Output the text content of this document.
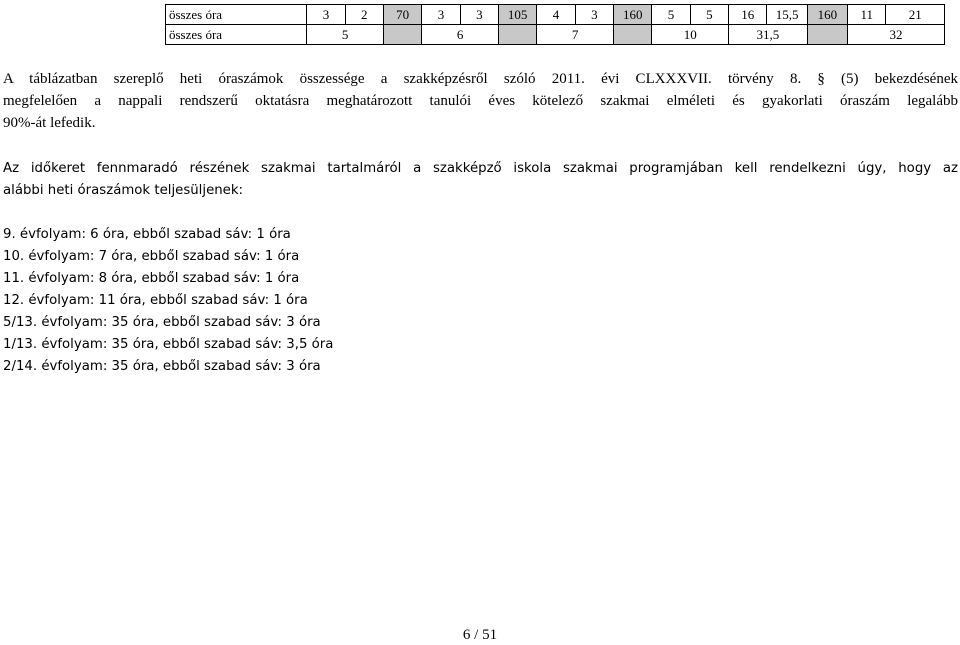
összes óra	3	2	70	3	3	105	4	3	160	5	5	16	15,5	160	11	21
összes óra	5			6			7			10		31,5			32	
A táblázatban szereplő heti óraszámok összessége a szakképzésről szóló 2011. évi CLXXXVII. törvény 8. § (5) bekezdésének
megfelelően a nappali rendszerű oktatásra meghatározott tanulói éves kötelező szakmai elméleti és gyakorlati óraszám legalább
90%-át lefedik.
Az időkeret fennmaradó részének szakmai tartalmáról a szakképző iskola szakmai programjában kell rendelkezni úgy, hogy az
alábbi heti óraszámok teljesüljenek:
9. évfolyam: 6 óra, ebből szabad sáv: 1 óra
10. évfolyam: 7 óra, ebből szabad sáv: 1 óra
11. évfolyam: 8 óra, ebből szabad sáv: 1 óra
12. évfolyam: 11 óra, ebből szabad sáv: 1 óra
5/13. évfolyam: 35 óra, ebből szabad sáv: 3 óra
1/13. évfolyam: 35 óra, ebből szabad sáv: 3,5 óra
2/14. évfolyam: 35 óra, ebből szabad sáv: 3 óra
6 / 51
